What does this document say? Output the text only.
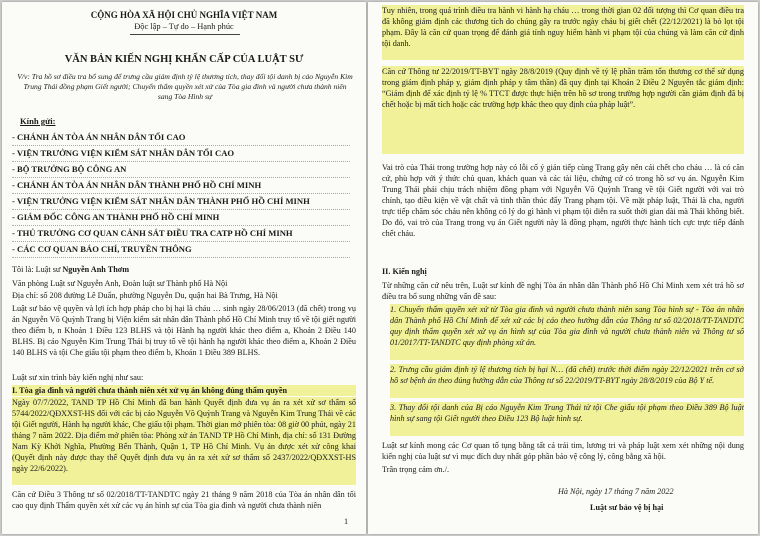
CỘNG HÒA XÃ HỘI CHỦ NGHĨA VIỆT NAM
Độc lập – Tự do – Hạnh phúc
VĂN BẢN KIẾN NGHỊ KHẨN CẤP CỦA LUẬT SƯ
V/v: Tra hồ sơ điều tra bổ sung để trưng cầu giám định tỷ lệ thương tích, thay đổi tội danh bị cáo Nguyễn Kim Trung Thái đồng phạm Giết người; Chuyển thẩm quyền xét xử của Tòa gia đình và người chưa thành niên sang Tòa Hình sự
Kính gửi:
- CHÁNH ÁN TÒA ÁN NHÂN DÂN TỐI CAO
- VIỆN TRƯỞNG VIỆN KIỂM SÁT NHÂN DÂN TỐI CAO
- BỘ TRƯỞNG BỘ CÔNG AN
- CHÁNH ÁN TÒA ÁN NHÂN DÂN THÀNH PHỐ HỒ CHÍ MINH
- VIỆN TRƯỞNG VIỆN KIỂM SÁT NHÂN DÂN THÀNH PHỐ HỒ CHÍ MINH
- GIÁM ĐỐC CÔNG AN THÀNH PHỐ HỒ CHÍ MINH
- THỦ TRƯỞNG CƠ QUAN CẢNH SÁT ĐIỀU TRA CATP HỒ CHÍ MINH
- CÁC CƠ QUAN BÁO CHÍ, TRUYỀN THÔNG
Tôi là: Luật sư Nguyễn Anh Thơm
Văn phòng Luật sư Nguyễn Anh, Đoàn luật sư Thành phố Hà Nội
Địa chỉ: số 208 đường Lê Duẩn, phường Nguyễn Du, quận hai Bà Trưng, Hà Nội
Luật sư bảo vệ quyền và lợi ích hợp pháp cho bị hại là cháu … sinh ngày 28/06/2013 (đã chết) trong vụ án Nguyễn Võ Quỳnh Trang bị Viện kiểm sát nhân dân Thành phố Hồ Chí Minh truy tố về tội giết người theo điểm b, n Khoản 1 Điều 123 BLHS và tội Hành hạ người khác theo điểm a, Khoản 2 Điều 140 BLHS. Bị cáo Nguyễn Kim Trung Thái bị truy tố về tội hành hạ người khác theo điểm a, Khoản 2 Điều 140 BLHS và tội Che giấu tội phạm theo điểm b, Khoản 1 Điều 389 BLHS.
Luật sư xin trình bày kiến nghị như sau:
I. Tòa gia đình và người chưa thành niên xét xử vụ án không đúng thẩm quyền
Ngày 07/7/2022, TAND TP Hồ Chí Minh đã ban hành Quyết định đưa vụ án ra xét xử sơ thẩm số 5744/2022/QĐXXST-HS đối với các bị cáo Nguyễn Võ Quỳnh Trang và Nguyễn Kim Trung Thái về các tội Giết người, Hành hạ người khác, Che giấu tội phạm. Thời gian mở phiên tòa: 08 giờ 00 phút, ngày 21 tháng 7 năm 2022. Địa điểm mở phiên tòa: Phòng xử án TAND TP Hồ Chí Minh, địa chỉ: số 131 Đường Nam Kỳ Khởi Nghĩa, Phường Bến Thành, Quận 1, TP Hồ Chí Minh. Vụ án được xét xử công khai (Quyết định này được thay thế Quyết định đưa vụ án ra xét xử sơ thẩm số 2437/2022/QĐXXST-HS ngày 22/6/2022).
Căn cứ Điều 3 Thông tư số 02/2018/TT-TANDTC ngày 21 tháng 9 năm 2018 của Tòa án nhân dân tối cao quy định Thẩm quyền xét xử các vụ án hình sự của Tòa gia đình và người chưa thành niên
1
Tuy nhiên, trong quá trình điều tra hành vi hành hạ cháu … trong thời gian 02 đối tượng thì Cơ quan điều tra đã không giám định các thương tích do chúng gây ra trước ngày cháu bị giết chết (22/12/2021) là bỏ lọt tội phạm. Đây là căn cứ quan trọng để đánh giá tính nguy hiểm hành vi phạm tội của chúng và làm căn cứ định tội danh.
Căn cứ Thông tư 22/2019/TT-BYT ngày 28/8/2019 (Quy định về tỷ lệ phần trăm tổn thương cơ thể sử dụng trong giám định pháp y, giám định pháp y tâm thần) đã quy định tại Khoản 2 Điều 2 Nguyên tắc giám định: “Giám định để xác định tỷ lệ % TTCT được thực hiện trên hồ sơ trong trường hợp người cần giám định đã bị chết hoặc bị mất tích hoặc các trường hợp khác theo quy định của pháp luật”.
Vai trò của Thái trong trường hợp này có lỗi cố ý gián tiếp cùng Trang gây nên cái chết cho cháu … là có căn cứ, phù hợp với ý thức chủ quan, khách quan và các tài liệu, chứng cứ có trong hồ sơ vụ án. Nguyễn Kim Trung Thái phải chịu trách nhiệm đồng phạm với Nguyễn Võ Quỳnh Trang về tội Giết người với vai trò chính, tạo điều kiện về vật chất và tinh thần thúc đẩy Trang phạm tội. Về mặt pháp luật, Thái là cha, người trực tiếp chăm sóc cháu nên không có lý do gì hành vi phạm tội diễn ra suốt thời gian dài mà Thái không biết. Do đó, vai trò của Trang trong vụ án Giết người này là đồng phạm, người thực hành tích cực trực tiếp đánh chết cháu.
II. Kiến nghị
Từ những căn cứ nêu trên, Luật sư kính đề nghị Tòa án nhân dân Thành phố Hồ Chí Minh xem xét trả hồ sơ điều tra bổ sung những vấn đề sau:
1. Chuyển thẩm quyền xét xử từ Tòa gia đình và người chưa thành niên sang Tòa hình sự - Tòa án nhân dân Thành phố Hồ Chí Minh để xét xử các bị cáo theo hướng dẫn của Thông tư số 02/2018/TT-TANDTC quy định thẩm quyền xét xử vụ án hình sự của Tòa gia đình và người chưa thành niên và Thông tư số 01/2017/TT-TANDTC quy định phòng xử án.
2. Trưng cầu giám định tỷ lệ thương tích bị hại N… (đã chết) trước thời điểm ngày 22/12/2021 trên cơ sở hồ sơ bệnh án theo đúng hướng dẫn của Thông tư số 22/2019/TT-BYT ngày 28/8/2019 của Bộ Y tế.
3. Thay đổi tội danh của Bị cáo Nguyễn Kim Trung Thái từ tội Che giấu tội phạm theo Điều 389 Bộ luật hình sự sang tội Giết người theo Điều 123 Bộ luật hình sự.
Luật sư kính mong các Cơ quan tố tụng bằng tất cả trái tim, lương tri và pháp luật xem xét những nội dung kiến nghị của luật sư vì mục đích duy nhất góp phần bảo vệ công lý, công bằng xã hội.
Trân trọng cảm ơn./.
Hà Nội, ngày 17 tháng 7 năm 2022
Luật sư bảo vệ bị hại
